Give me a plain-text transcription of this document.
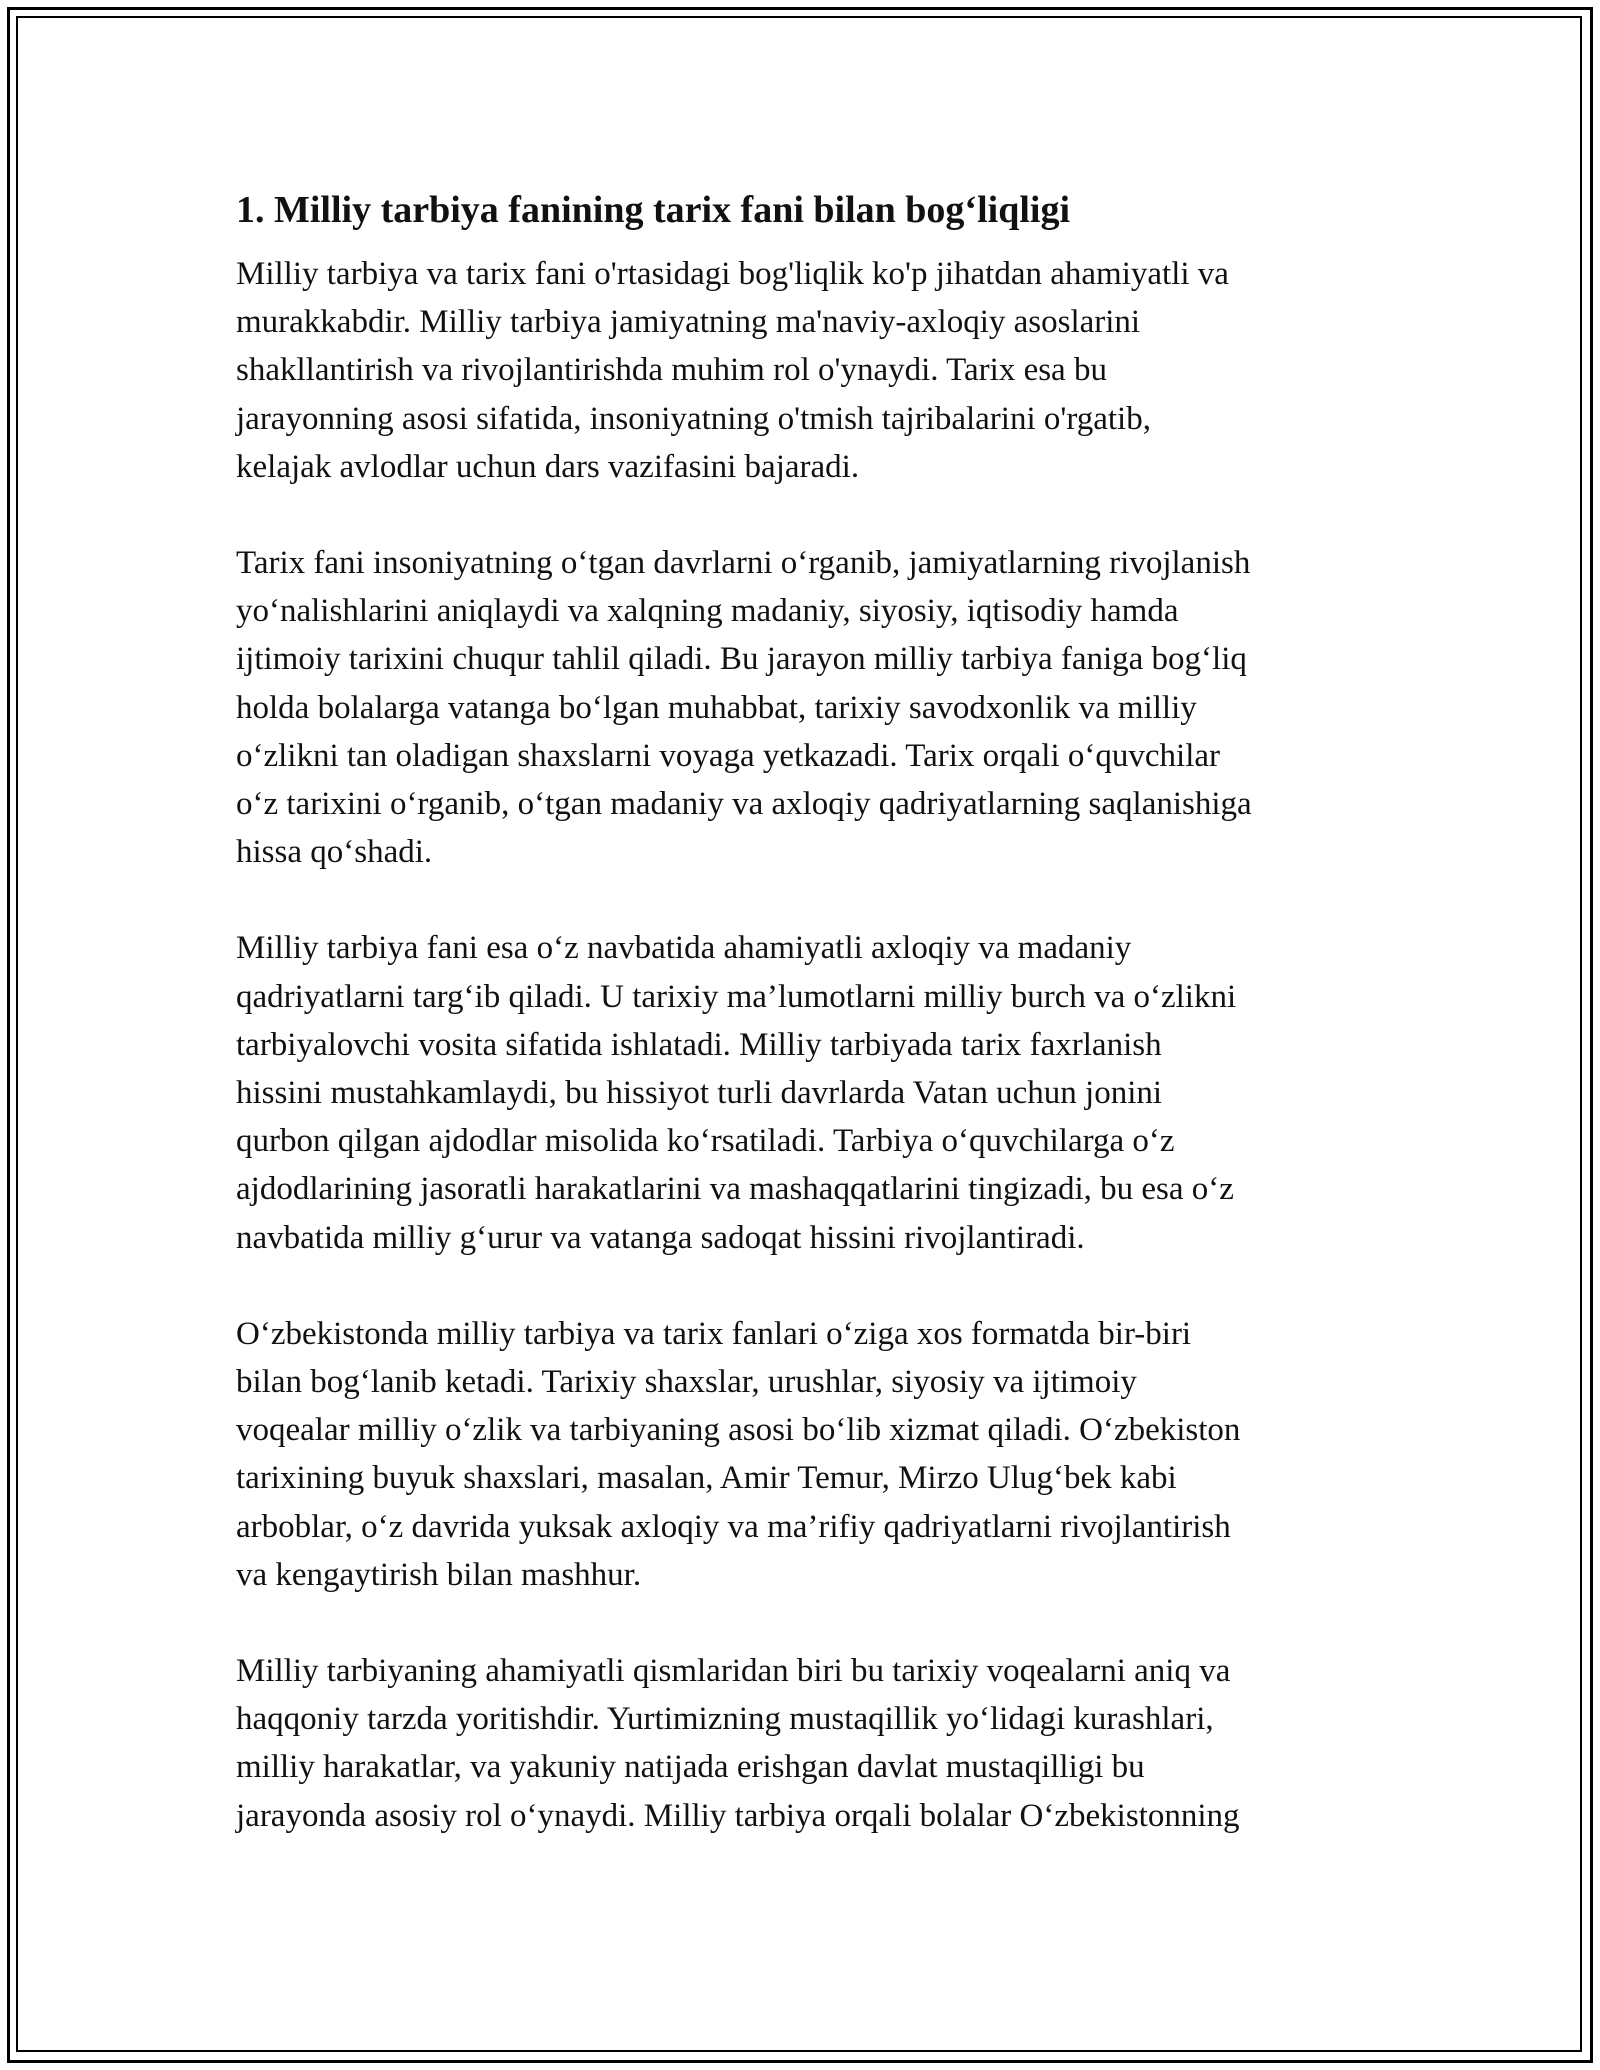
1. Milliy tarbiya fanining tarix fani bilan bog‘liqligi
Milliy tarbiya va tarix fani o'rtasidagi bog'liqlik ko'p jihatdan ahamiyatli va
murakkabdir. Milliy tarbiya jamiyatning ma'naviy-axloqiy asoslarini
shakllantirish va rivojlantirishda muhim rol o'ynaydi. Tarix esa bu
jarayonning asosi sifatida, insoniyatning o'tmish tajribalarini o'rgatib,
kelajak avlodlar uchun dars vazifasini bajaradi.
Tarix fani insoniyatning o‘tgan davrlarni o‘rganib, jamiyatlarning rivojlanish
yo‘nalishlarini aniqlaydi va xalqning madaniy, siyosiy, iqtisodiy hamda
ijtimoiy tarixini chuqur tahlil qiladi. Bu jarayon milliy tarbiya faniga bog‘liq
holda bolalarga vatanga bo‘lgan muhabbat, tarixiy savodxonlik va milliy
o‘zlikni tan oladigan shaxslarni voyaga yetkazadi. Tarix orqali o‘quvchilar
o‘z tarixini o‘rganib, o‘tgan madaniy va axloqiy qadriyatlarning saqlanishiga
hissa qo‘shadi.
Milliy tarbiya fani esa o‘z navbatida ahamiyatli axloqiy va madaniy
qadriyatlarni targ‘ib qiladi. U tarixiy ma’lumotlarni milliy burch va o‘zlikni
tarbiyalovchi vosita sifatida ishlatadi. Milliy tarbiyada tarix faxrlanish
hissini mustahkamlaydi, bu hissiyot turli davrlarda Vatan uchun jonini
qurbon qilgan ajdodlar misolida ko‘rsatiladi. Tarbiya o‘quvchilarga o‘z
ajdodlarining jasoratli harakatlarini va mashaqqatlarini tingizadi, bu esa o‘z
navbatida milliy g‘urur va vatanga sadoqat hissini rivojlantiradi.
O‘zbekistonda milliy tarbiya va tarix fanlari o‘ziga xos formatda bir-biri
bilan bog‘lanib ketadi. Tarixiy shaxslar, urushlar, siyosiy va ijtimoiy
voqealar milliy o‘zlik va tarbiyaning asosi bo‘lib xizmat qiladi. O‘zbekiston
tarixining buyuk shaxslari, masalan, Amir Temur, Mirzo Ulug‘bek kabi
arboblar, o‘z davrida yuksak axloqiy va ma’rifiy qadriyatlarni rivojlantirish
va kengaytirish bilan mashhur.
Milliy tarbiyaning ahamiyatli qismlaridan biri bu tarixiy voqealarni aniq va
haqqoniy tarzda yoritishdir. Yurtimizning mustaqillik yo‘lidagi kurashlari,
milliy harakatlar, va yakuniy natijada erishgan davlat mustaqilligi bu
jarayonda asosiy rol o‘ynaydi. Milliy tarbiya orqali bolalar O‘zbekistonning
